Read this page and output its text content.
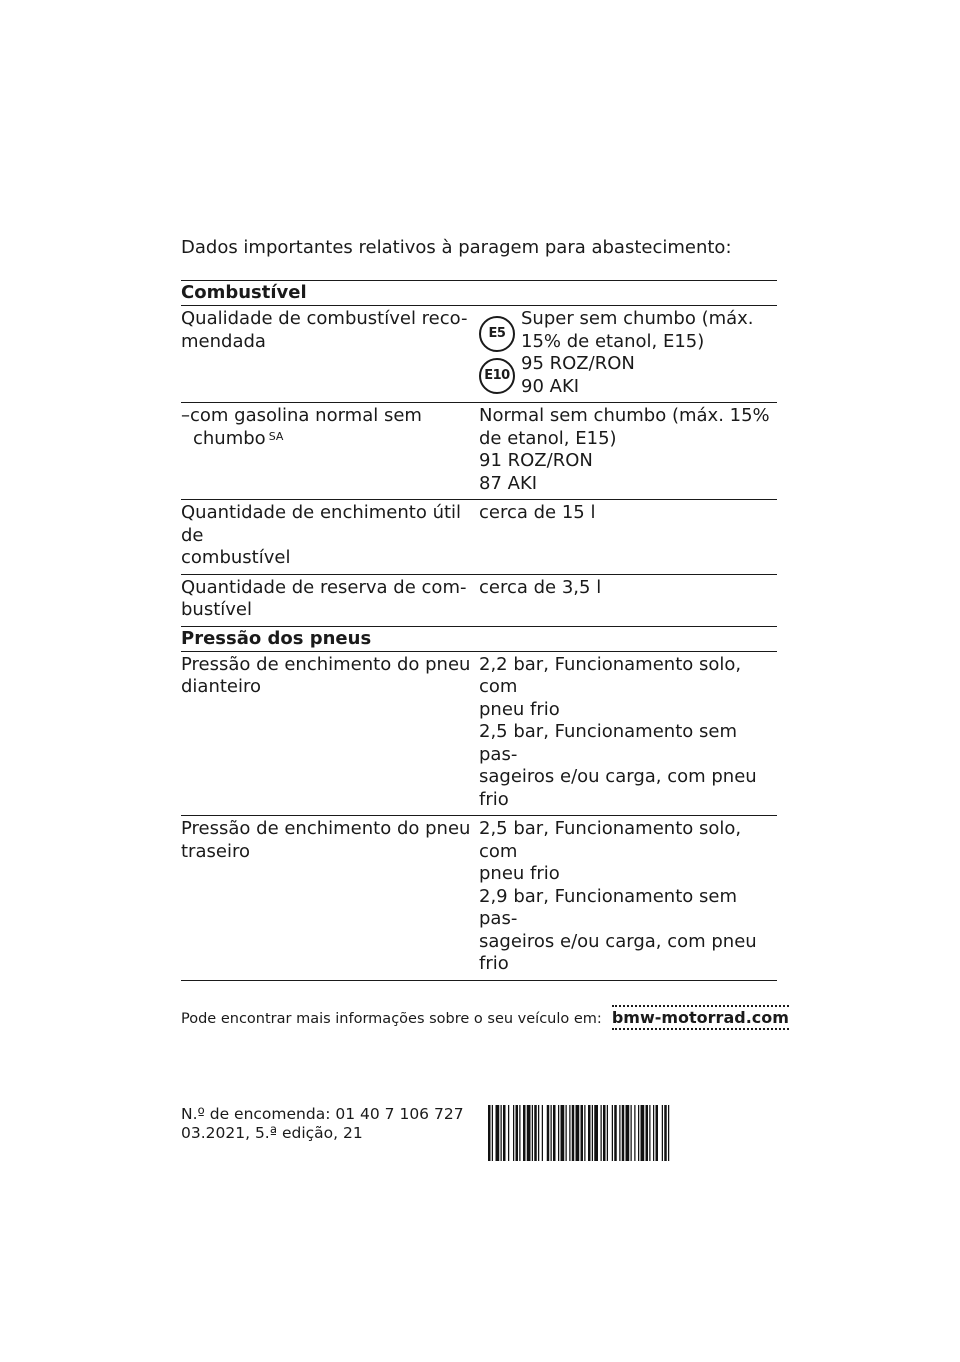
Dados importantes relativos à paragem para abastecimento:
Combustível
Qualidade de combustível reco-
mendada	E5
E10
Super sem chumbo (máx.
15% de etanol, E15)
95 ROZ/RON
90 AKI
–com gasolina normal sem
chumbo $^{SA}$
Normal sem chumbo (máx. 15%
de etanol, E15)
91 ROZ/RON
87 AKI
Quantidade de enchimento útil de
combustível
cerca de 15 l
Quantidade de reserva de com-
bustível
cerca de 3,5 l
Pressão dos pneus
Pressão de enchimento do pneu
dianteiro
2,2 bar, Funcionamento solo, com
pneu frio
2,5 bar, Funcionamento sem pas-
sageiros e/ou carga, com pneu
frio
Pressão de enchimento do pneu
traseiro
2,5 bar, Funcionamento solo, com
pneu frio
2,9 bar, Funcionamento sem pas-
sageiros e/ou carga, com pneu
frio
Pode encontrar mais informações sobre o seu veículo em: bmw-motorrad.com
N.º de encomenda: 01 40 7 106 727
03.2021, 5.ª edição, 21
